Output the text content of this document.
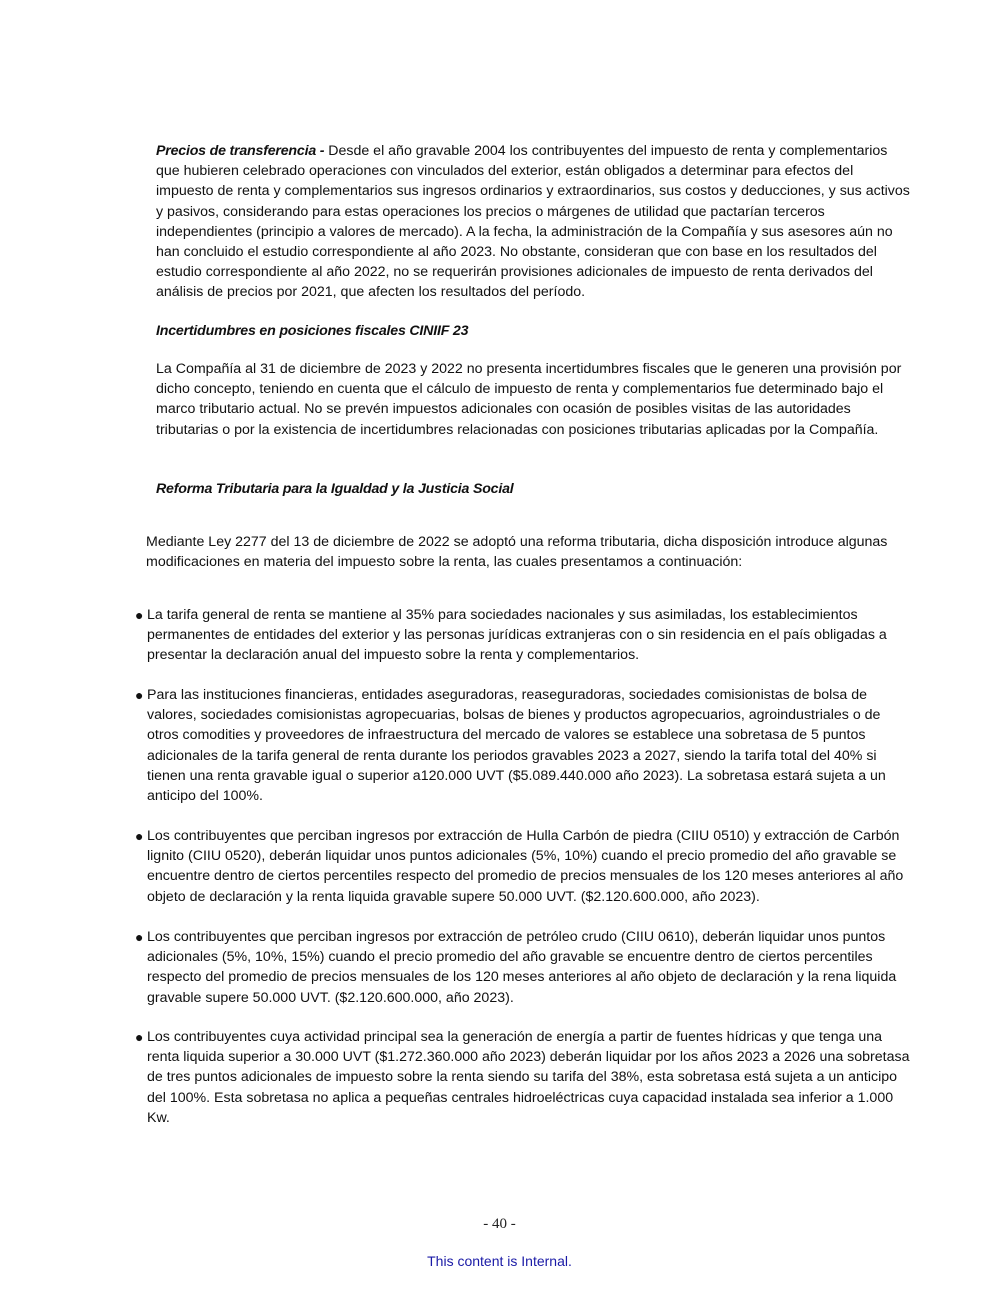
Precios de transferencia - Desde el año gravable 2004 los contribuyentes del impuesto de renta y complementarios que hubieren celebrado operaciones con vinculados del exterior, están obligados a determinar para efectos del impuesto de renta y complementarios sus ingresos ordinarios y extraordinarios, sus costos y deducciones, y sus activos y pasivos, considerando para estas operaciones los precios o márgenes de utilidad que pactarían terceros independientes (principio a valores de mercado). A la fecha, la administración de la Compañía y sus asesores aún no han concluido el estudio correspondiente al año 2023. No obstante, consideran que con base en los resultados del estudio correspondiente al año 2022, no se requerirán provisiones adicionales de impuesto de renta derivados del análisis de precios por 2021, que afecten los resultados del período.

Incertidumbres en posiciones fiscales CINIIF 23

La Compañía al 31 de diciembre de 2023 y 2022 no presenta incertidumbres fiscales que le generen una provisión por dicho concepto, teniendo en cuenta que el cálculo de impuesto de renta y complementarios fue determinado bajo el marco tributario actual. No se prevén impuestos adicionales con ocasión de posibles visitas de las autoridades tributarias o por la existencia de incertidumbres relacionadas con posiciones tributarias aplicadas por la Compañía.

Reforma Tributaria para la Igualdad y la Justicia Social

Mediante Ley 2277 del 13 de diciembre de 2022 se adoptó una reforma tributaria, dicha disposición introduce algunas modificaciones en materia del impuesto sobre la renta, las cuales presentamos a continuación:

● La tarifa general de renta se mantiene al 35% para sociedades nacionales y sus asimiladas, los establecimientos permanentes de entidades del exterior y las personas jurídicas extranjeras con o sin residencia en el país obligadas a presentar la declaración anual del impuesto sobre la renta y complementarios.
● Para las instituciones financieras, entidades aseguradoras, reaseguradoras, sociedades comisionistas de bolsa de valores, sociedades comisionistas agropecuarias, bolsas de bienes y productos agropecuarios, agroindustriales o de otros comodities y proveedores de infraestructura del mercado de valores se establece una sobretasa de 5 puntos adicionales de la tarifa general de renta durante los periodos gravables 2023 a 2027, siendo la tarifa total del 40% si tienen una renta gravable igual o superior a120.000 UVT ($5.089.440.000 año 2023). La sobretasa estará sujeta a un anticipo del 100%.
● Los contribuyentes que perciban ingresos por extracción de Hulla Carbón de piedra (CIIU 0510) y extracción de Carbón lignito (CIIU 0520), deberán liquidar unos puntos adicionales (5%, 10%) cuando el precio promedio del año gravable se encuentre dentro de ciertos percentiles respecto del promedio de precios mensuales de los 120 meses anteriores al año objeto de declaración y la renta liquida gravable supere 50.000 UVT. ($2.120.600.000, año 2023).
● Los contribuyentes que perciban ingresos por extracción de petróleo crudo (CIIU 0610), deberán liquidar unos puntos adicionales (5%, 10%, 15%) cuando el precio promedio del año gravable se encuentre dentro de ciertos percentiles respecto del promedio de precios mensuales de los 120 meses anteriores al año objeto de declaración y la rena liquida gravable supere 50.000 UVT. ($2.120.600.000, año 2023).
● Los contribuyentes cuya actividad principal sea la generación de energía a partir de fuentes hídricas y que tenga una renta liquida superior a 30.000 UVT ($1.272.360.000 año 2023) deberán liquidar por los años 2023 a 2026 una sobretasa de tres puntos adicionales de impuesto sobre la renta siendo su tarifa del 38%, esta sobretasa está sujeta a un anticipo del 100%. Esta sobretasa no aplica a pequeñas centrales hidroeléctricas cuya capacidad instalada sea inferior a 1.000 Kw.
- 40 -
This content is Internal.
